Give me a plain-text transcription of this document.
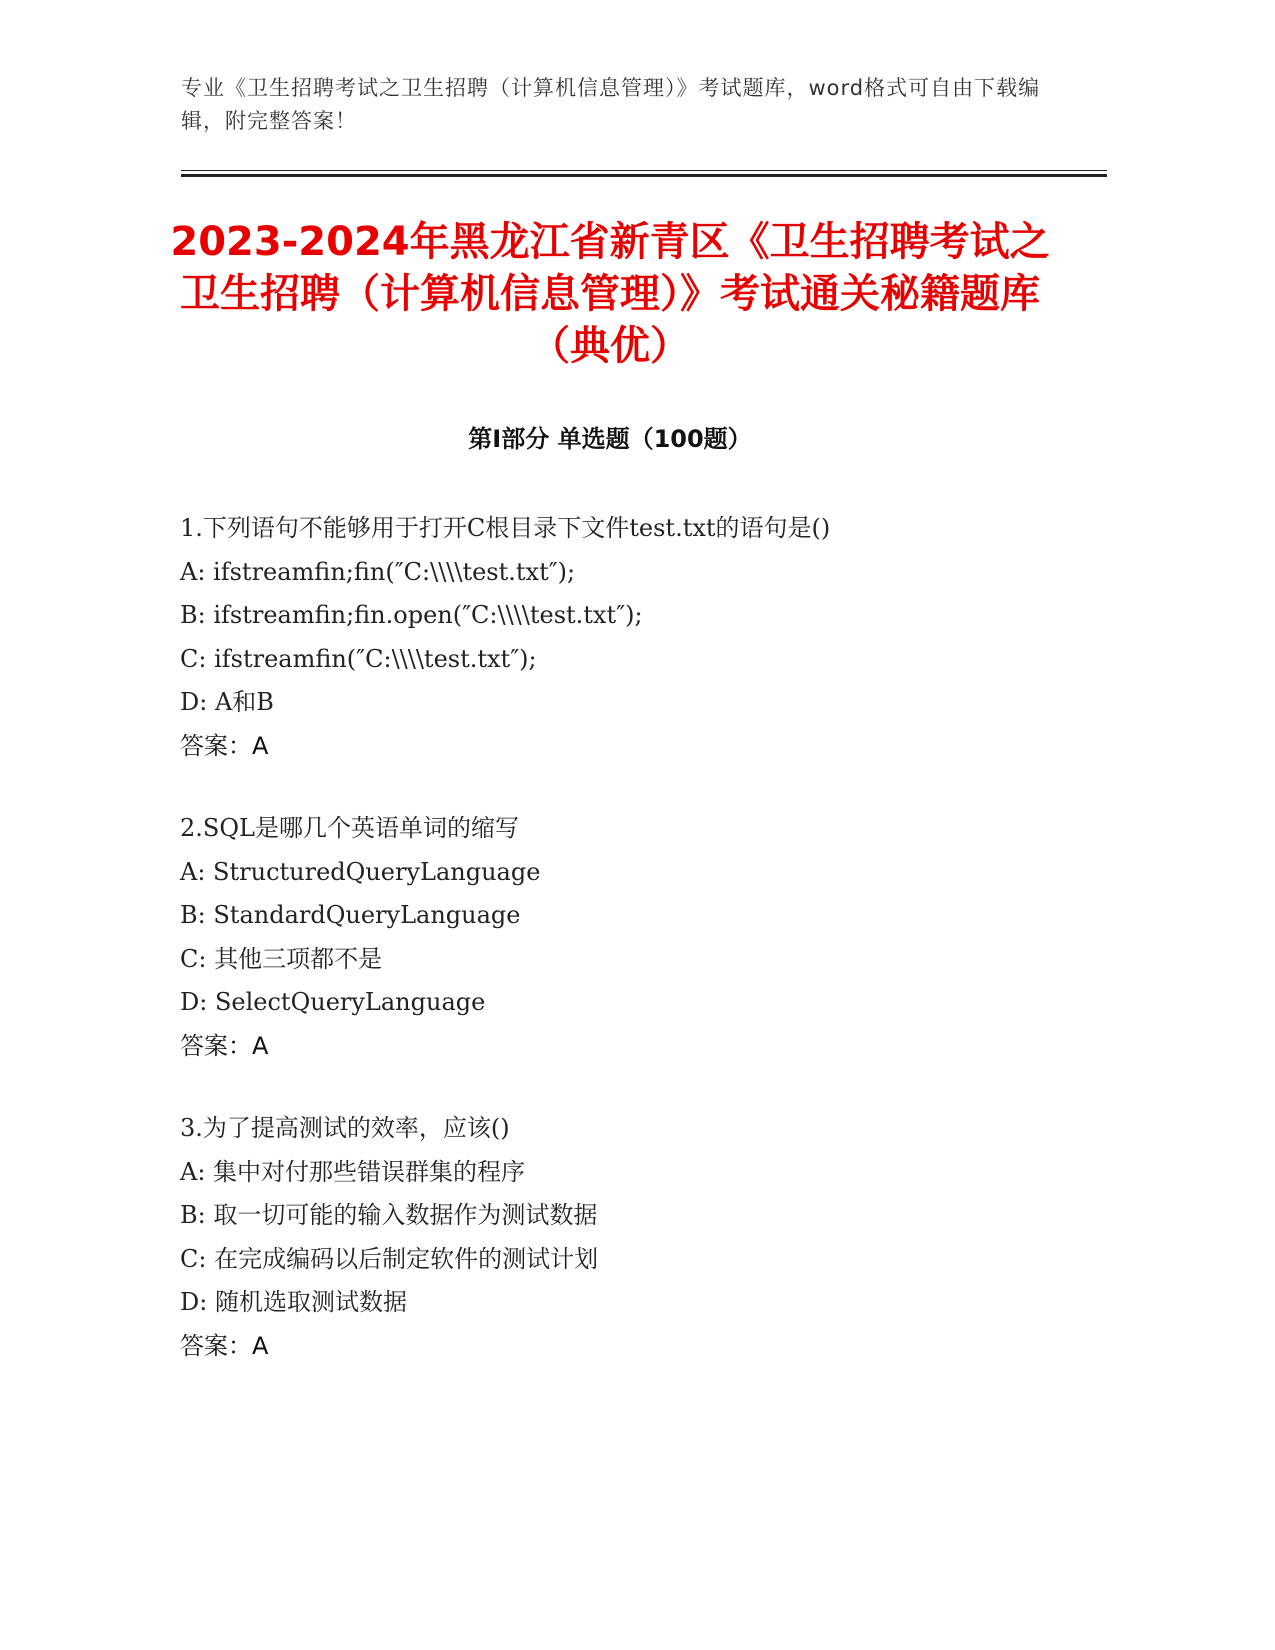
专业《卫生招聘考试之卫生招聘（计算机信息管理）》考试题库，word格式可自由下载编辑，附完整答案！
2023-2024年黑龙江省新青区《卫生招聘考试之卫生招聘（计算机信息管理）》考试通关秘籍题库（典优）
第I部分 单选题（100题）
1.下列语句不能够用于打开C根目录下文件test.txt的语句是()
A: ifstreamfin;fin(″C:\\\\test.txt″);
B: ifstreamfin;fin.open(″C:\\\\test.txt″);
C: ifstreamfin(″C:\\\\test.txt″);
D: A和B
答案：A
2.SQL是哪几个英语单词的缩写
A: StructuredQueryLanguage
B: StandardQueryLanguage
C: 其他三项都不是
D: SelectQueryLanguage
答案：A
3.为了提高测试的效率，应该()
A: 集中对付那些错误群集的程序
B: 取一切可能的输入数据作为测试数据
C: 在完成编码以后制定软件的测试计划
D: 随机选取测试数据
答案：A
